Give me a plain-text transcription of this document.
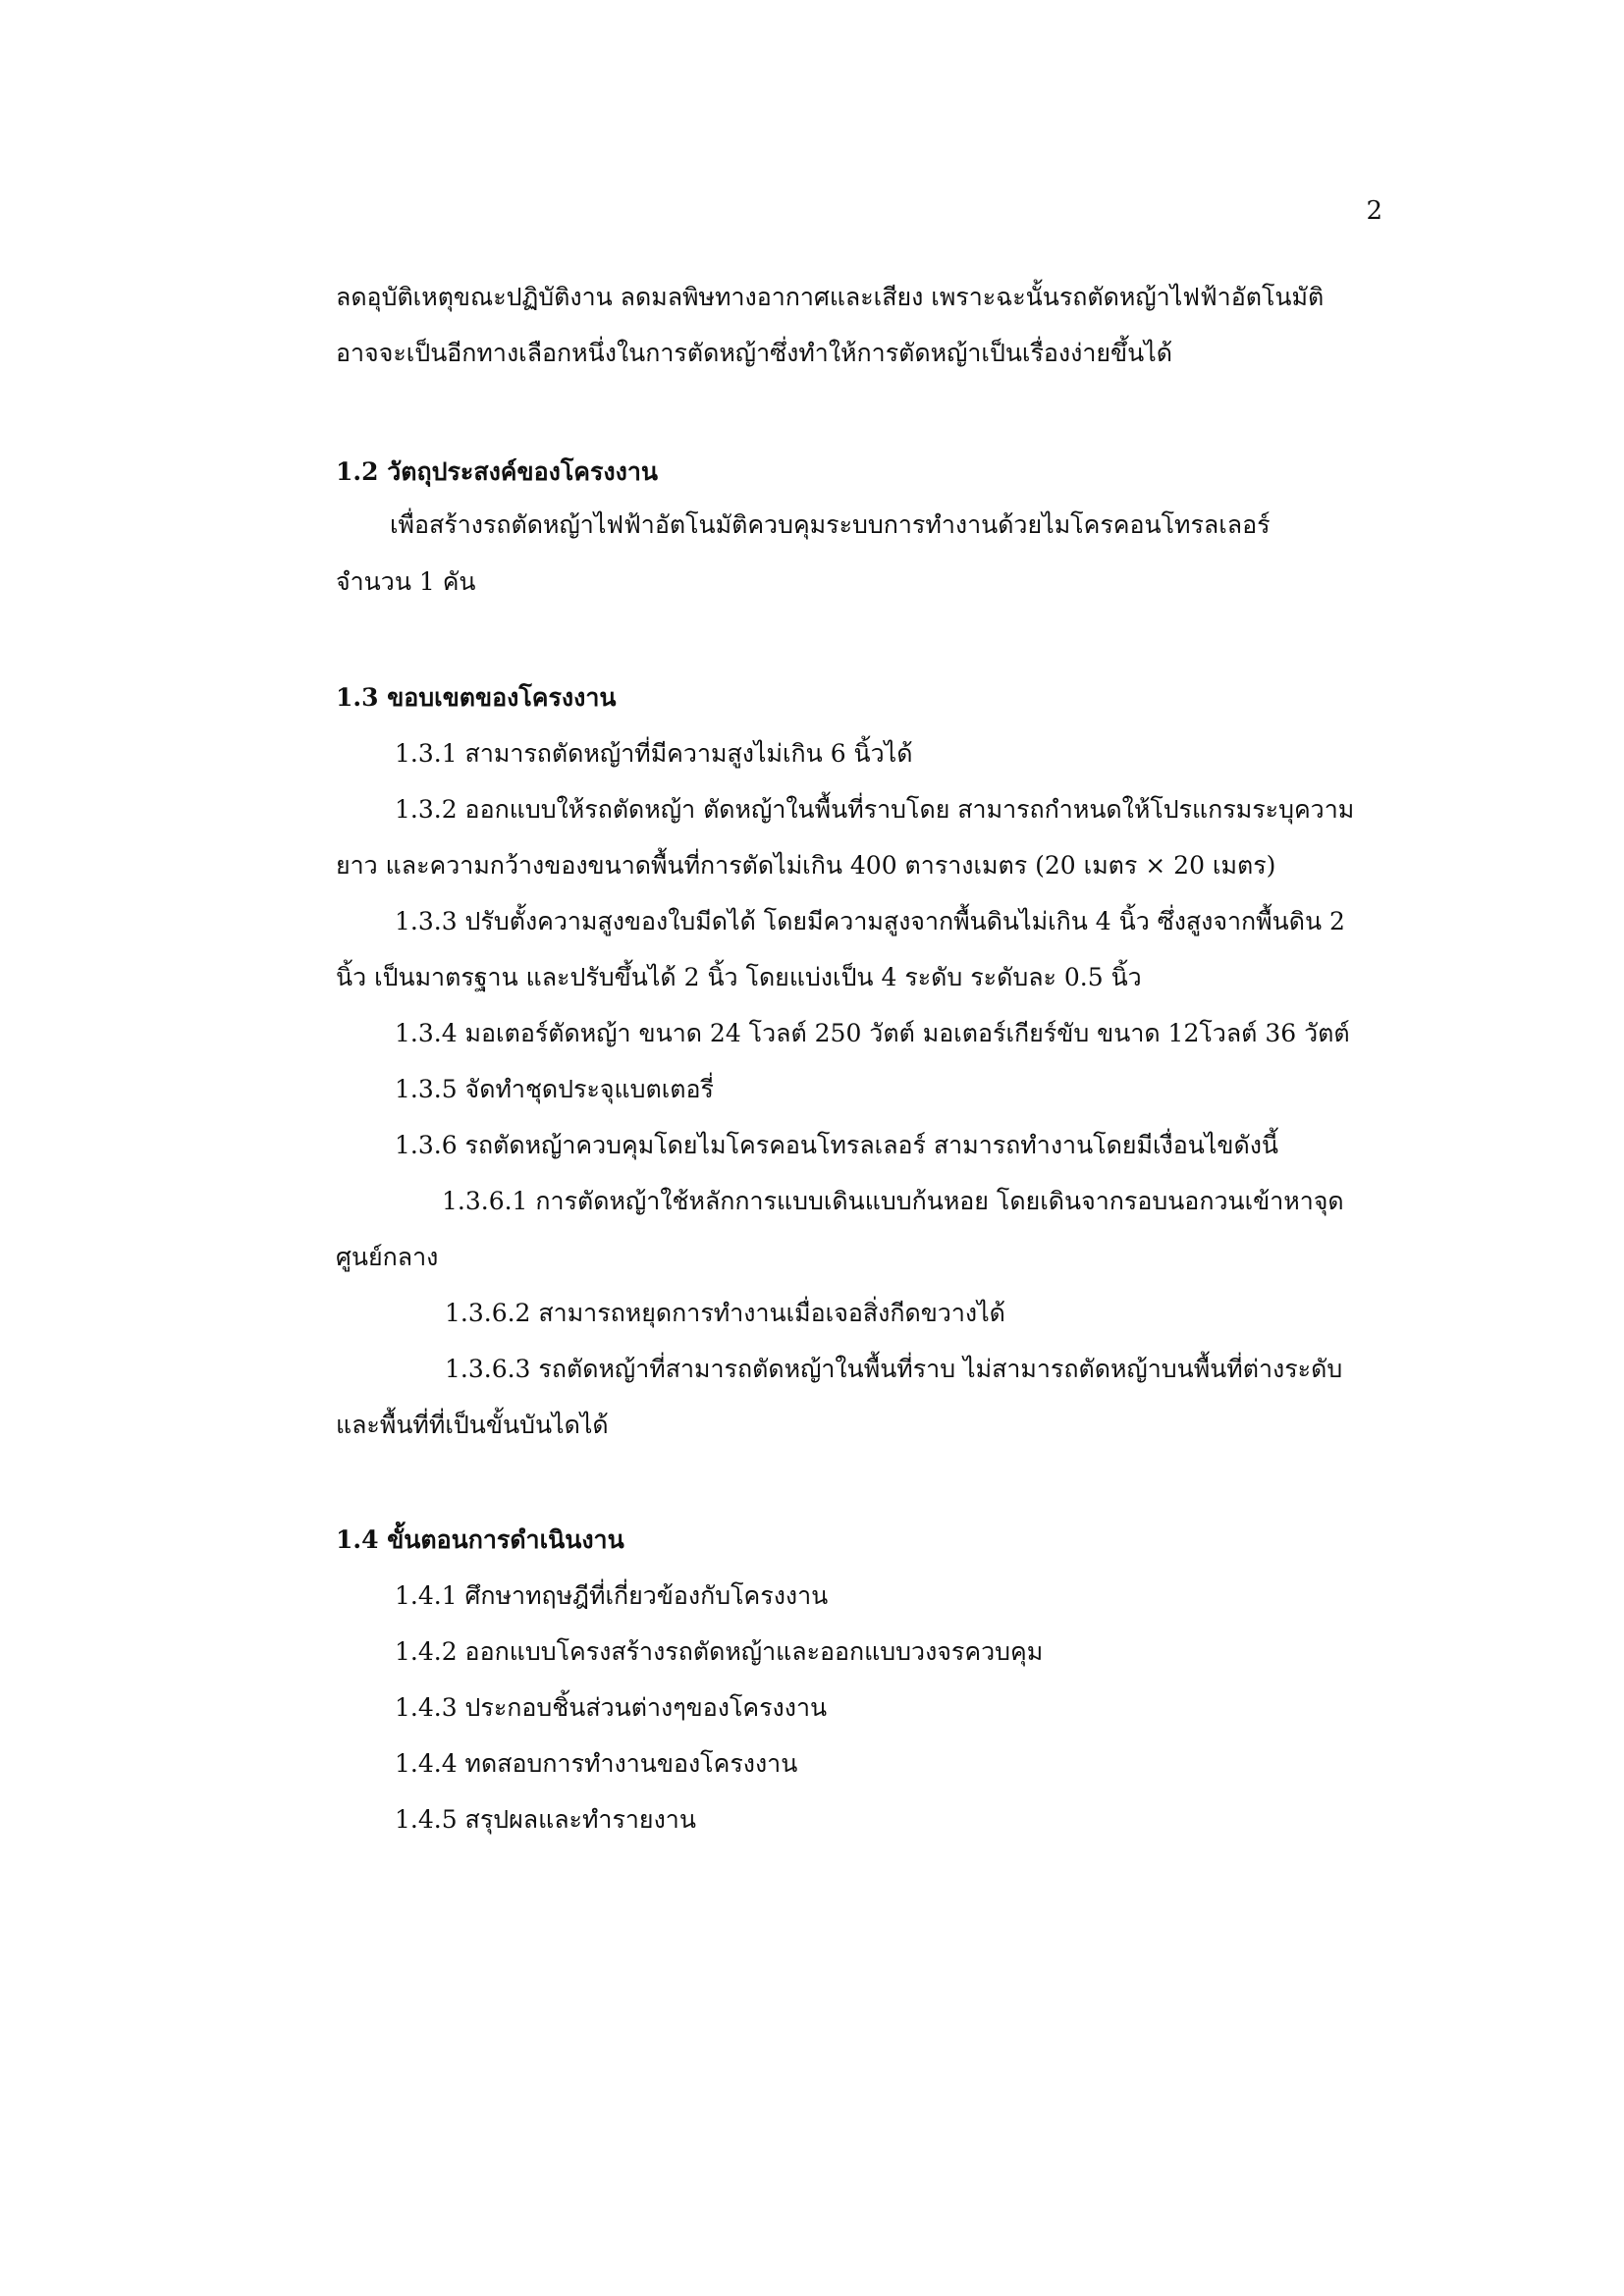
2
ลดอุบัติเหตุขณะปฏิบัติงาน ลดมลพิษทางอากาศและเสียง เพราะฉะนั้นรถตัดหญ้าไฟฟ้าอัตโนมัติ
อาจจะเป็นอีกทางเลือกหนึ่งในการตัดหญ้าซึ่งทำให้การตัดหญ้าเป็นเรื่องง่ายขึ้นได้
1.2 วัตถุประสงค์ของโครงงาน
เพื่อสร้างรถตัดหญ้าไฟฟ้าอัตโนมัติควบคุมระบบการทำงานด้วยไมโครคอนโทรลเลอร์
จำนวน 1 คัน
1.3 ขอบเขตของโครงงาน
1.3.1 สามารถตัดหญ้าที่มีความสูงไม่เกิน 6 นิ้วได้
1.3.2 ออกแบบให้รถตัดหญ้า ตัดหญ้าในพื้นที่ราบโดย สามารถกำหนดให้โปรแกรมระบุความ
ยาว และความกว้างของขนาดพื้นที่การตัดไม่เกิน 400 ตารางเมตร (20 เมตร × 20 เมตร)
1.3.3 ปรับตั้งความสูงของใบมีดได้ โดยมีความสูงจากพื้นดินไม่เกิน 4 นิ้ว ซึ่งสูงจากพื้นดิน 2
นิ้ว เป็นมาตรฐาน และปรับขึ้นได้ 2 นิ้ว โดยแบ่งเป็น 4 ระดับ ระดับละ 0.5 นิ้ว
1.3.4 มอเตอร์ตัดหญ้า ขนาด 24 โวลต์ 250 วัตต์ มอเตอร์เกียร์ขับ ขนาด 12โวลต์ 36 วัตต์
1.3.5 จัดทำชุดประจุแบตเตอรี่
1.3.6 รถตัดหญ้าควบคุมโดยไมโครคอนโทรลเลอร์ สามารถทำงานโดยมีเงื่อนไขดังนี้
1.3.6.1 การตัดหญ้าใช้หลักการแบบเดินแบบก้นหอย โดยเดินจากรอบนอกวนเข้าหาจุด
ศูนย์กลาง
1.3.6.2 สามารถหยุดการทำงานเมื่อเจอสิ่งกีดขวางได้
1.3.6.3 รถตัดหญ้าที่สามารถตัดหญ้าในพื้นที่ราบ ไม่สามารถตัดหญ้าบนพื้นที่ต่างระดับ
และพื้นที่ที่เป็นขั้นบันไดได้
1.4 ขั้นตอนการดำเนินงาน
1.4.1 ศึกษาทฤษฎีที่เกี่ยวข้องกับโครงงาน
1.4.2 ออกแบบโครงสร้างรถตัดหญ้าและออกแบบวงจรควบคุม
1.4.3 ประกอบชิ้นส่วนต่างๆของโครงงาน
1.4.4 ทดสอบการทำงานของโครงงาน
1.4.5 สรุปผลและทำรายงาน
